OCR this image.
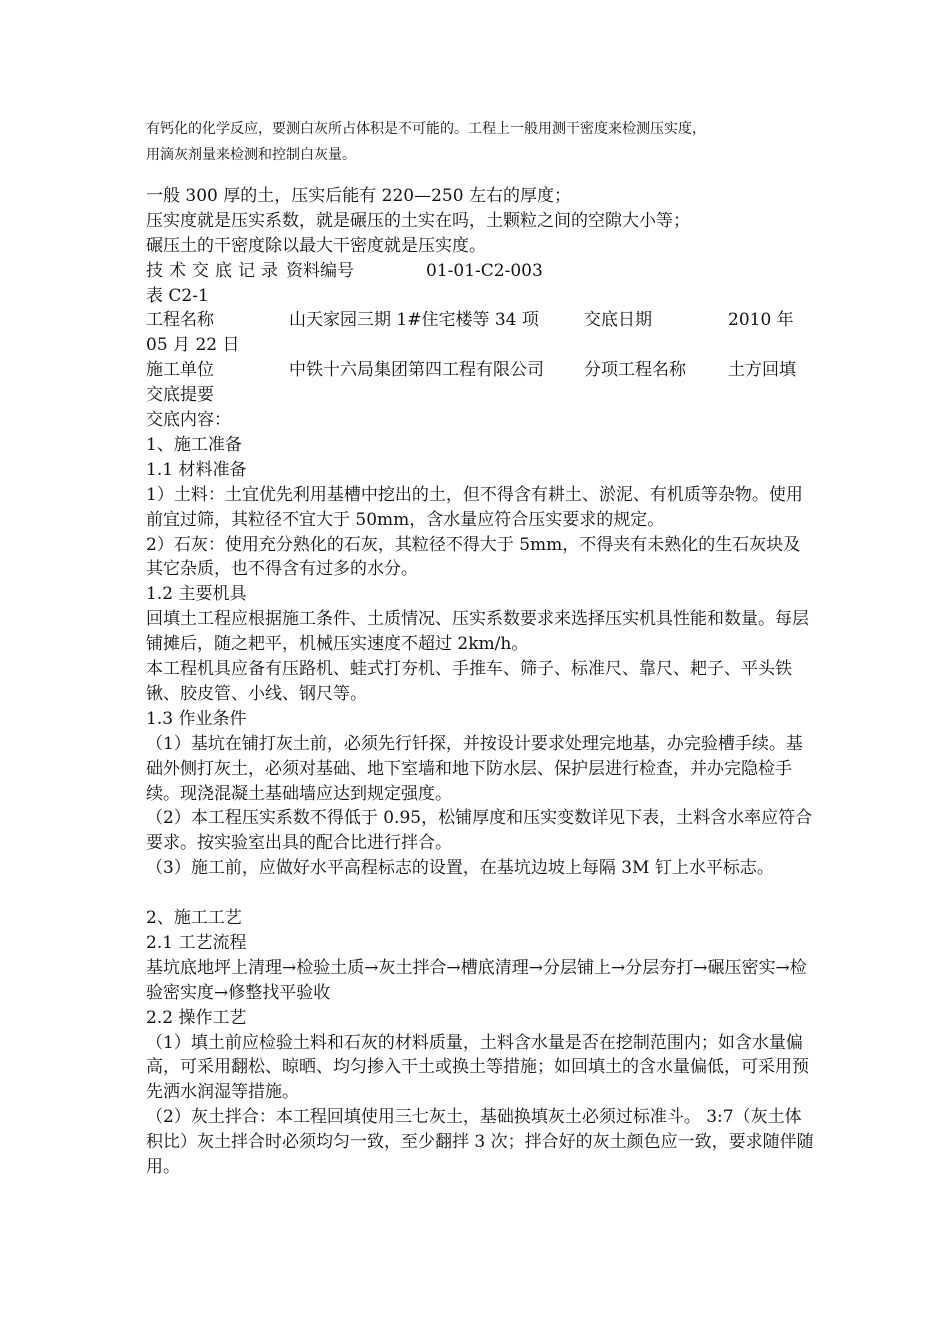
有钙化的化学反应，要测白灰所占体积是不可能的。工程上一般用测干密度来检测压实度，

用滴灰剂量来检测和控制白灰量。

一般 300 厚的土，压实后能有 220—250 左右的厚度；
压实度就是压实系数，就是碾压的土实在吗，土颗粒之间的空隙大小等；
碾压土的干密度除以最大干密度就是压实度。
技术交底记录 资料编号	01-01-C2-003
表 C2-1
工程名称	山天家园三期 1#住宅楼等 34 项	交底日期	2010 年
05 月 22 日
施工单位	中铁十六局集团第四工程有限公司 分项工程名称 土方回填
交底提要
交底内容：
1、施工准备
1.1 材料准备
1）土料：土宜优先利用基槽中挖出的土，但不得含有耕土、淤泥、有机质等杂物。使用前宜过筛，其粒径不宜大于 50mm，含水量应符合压实要求的规定。
2）石灰：使用充分熟化的石灰，其粒径不得大于 5mm，不得夹有未熟化的生石灰块及其它杂质，也不得含有过多的水分。
1.2 主要机具
回填土工程应根据施工条件、土质情况、压实系数要求来选择压实机具性能和数量。每层铺摊后，随之耙平，机械压实速度不超过 2km/h。
本工程机具应备有压路机、蛙式打夯机、手推车、筛子、标准尺、靠尺、耙子、平头铁锹、胶皮管、小线、钢尺等。
1.3 作业条件
（1）基坑在铺打灰土前，必须先行钎探，并按设计要求处理完地基，办完验槽手续。基础外侧打灰土，必须对基础、地下室墙和地下防水层、保护层进行检查，并办完隐检手续。现浇混凝土基础墙应达到规定强度。
（2）本工程压实系数不得低于 0.95，松铺厚度和压实变数详见下表，土料含水率应符合要求。按实验室出具的配合比进行拌合。
（3）施工前，应做好水平高程标志的设置，在基坑边坡上每隔 3M 钉上水平标志。
2、施工工艺
2.1 工艺流程
基坑底地坪上清理→检验土质→灰土拌合→槽底清理→分层铺上→分层夯打→碾压密实→检验密实度→修整找平验收
2.2 操作工艺
（1）填土前应检验土料和石灰的材料质量，土料含水量是否在挖制范围内；如含水量偏高，可采用翻松、晾晒、均匀掺入干土或换土等措施；如回填土的含水量偏低，可采用预先洒水润湿等措施。
（2）灰土拌合：本工程回填使用三七灰土，基础换填灰土必须过标准斗。 3:7（灰土体积比）灰土拌合时必须均匀一致，至少翻拌 3 次；拌合好的灰土颜色应一致，要求随伴随用。
